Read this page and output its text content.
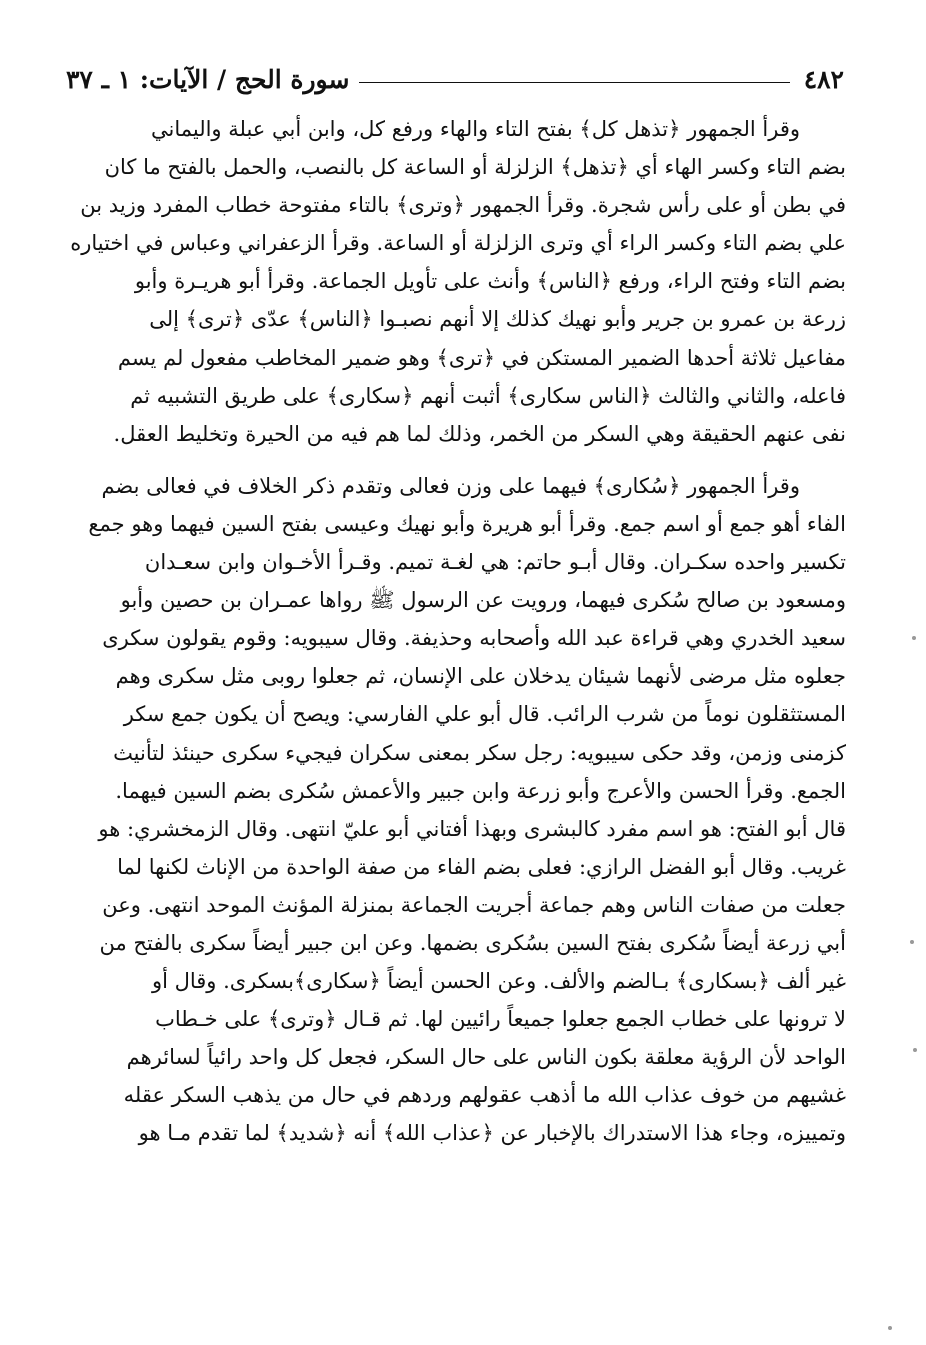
٤٨٢
سورة الحج / الآيات: ١ ـ ٣٧
وقرأ الجمهور ﴿تذهل كل﴾ بفتح التاء والهاء ورفع كل، وابن أبي عبلة واليماني
بضم التاء وكسر الهاء أي ﴿تذهل﴾ الزلزلة أو الساعة كل بالنصب، والحمل بالفتح ما كان
في بطن أو على رأس شجرة. وقرأ الجمهور ﴿وترى﴾ بالتاء مفتوحة خطاب المفرد وزيد بن
علي بضم التاء وكسر الراء أي وترى الزلزلة أو الساعة. وقرأ الزعفراني وعباس في اختياره
بضم التاء وفتح الراء، ورفع ﴿الناس﴾ وأنث على تأويل الجماعة. وقرأ أبو هريـرة وأبو
زرعة بن عمرو بن جرير وأبو نهيك كذلك إلا أنهم نصبـوا ﴿الناس﴾ عدّى ﴿ترى﴾ إلى
مفاعيل ثلاثة أحدها الضمير المستكن في ﴿ترى﴾ وهو ضمير المخاطب مفعول لم يسم
فاعله، والثاني والثالث ﴿الناس سكارى﴾ أثبت أنهم ﴿سكارى﴾ على طريق التشبيه ثم
نفى عنهم الحقيقة وهي السكر من الخمر، وذلك لما هم فيه من الحيرة وتخليط العقل.
وقرأ الجمهور ﴿سُكارى﴾ فيهما على وزن فعالى وتقدم ذكر الخلاف في فعالى بضم
الفاء أهو جمع أو اسم جمع. وقرأ أبو هريرة وأبو نهيك وعيسى بفتح السين فيهما وهو جمع
تكسير واحده سكـران. وقال أبـو حاتم: هي لغـة تميم. وقـرأ الأخـوان وابن سعـدان
ومسعود بن صالح سُكرى فيهما، ورويت عن الرسول ﷺ رواها عمـران بن حصين وأبو
سعيد الخدري وهي قراءة عبد الله وأصحابه وحذيفة. وقال سيبويه: وقوم يقولون سكرى
جعلوه مثل مرضى لأنهما شيئان يدخلان على الإنسان، ثم جعلوا روبى مثل سكرى وهم
المستثقلون نوماً من شرب الرائب. قال أبو علي الفارسي: ويصح أن يكون جمع سكر
كزمنى وزمن، وقد حكى سيبويه: رجل سكر بمعنى سكران فيجيء سكرى حينئذ لتأنيث
الجمع. وقرأ الحسن والأعرج وأبو زرعة وابن جبير والأعمش سُكرى بضم السين فيهما.
قال أبو الفتح: هو اسم مفرد كالبشرى وبهذا أفتاني أبو عليّ انتهى. وقال الزمخشري: هو
غريب. وقال أبو الفضل الرازي: فعلى بضم الفاء من صفة الواحدة من الإناث لكنها لما
جعلت من صفات الناس وهم جماعة أجريت الجماعة بمنزلة المؤنث الموحد انتهى. وعن
أبي زرعة أيضاً سُكرى بفتح السين بسُكرى بضمها. وعن ابن جبير أيضاً سكرى بالفتح من
غير ألف ﴿بسكارى﴾ بـالضم والألف. وعن الحسن أيضاً ﴿سكارى﴾بسكرى. وقال أو
لا ترونها على خطاب الجمع جعلوا جميعاً رائيين لها. ثم قـال ﴿وترى﴾ على خـطاب
الواحد لأن الرؤية معلقة بكون الناس على حال السكر، فجعل كل واحد رائياً لسائرهم
غشيهم من خوف عذاب الله ما أذهب عقولهم وردهم في حال من يذهب السكر عقله
وتمييزه، وجاء هذا الاستدراك بالإخبار عن ﴿عذاب الله﴾ أنه ﴿شديد﴾ لما تقدم مـا هو
